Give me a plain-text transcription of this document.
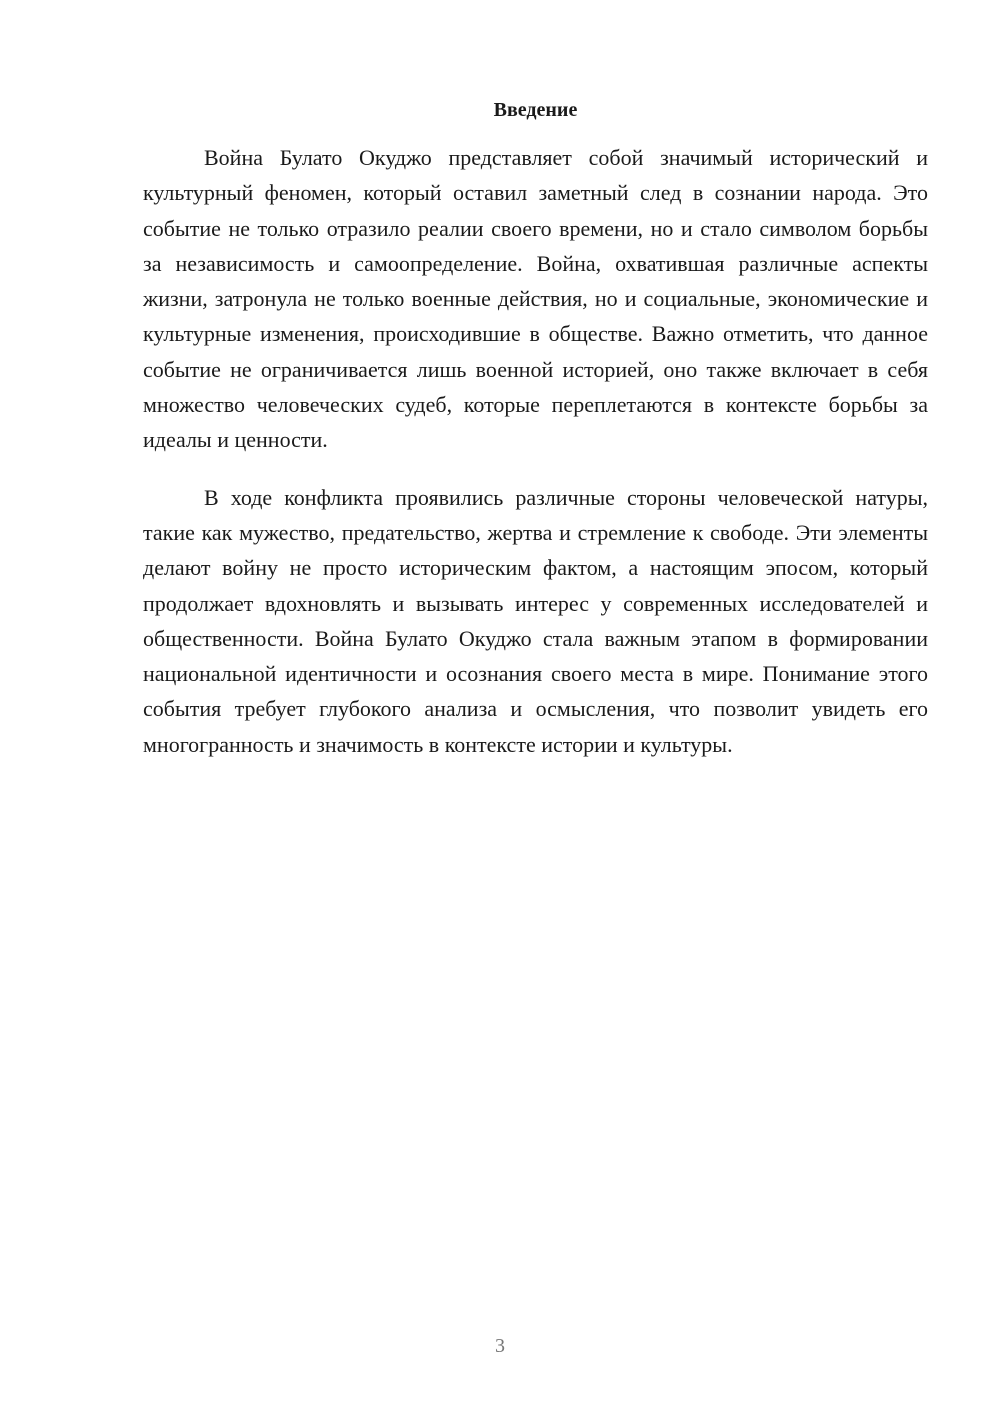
Введение

Война Булато Окуджо представляет собой значимый исторический и культурный феномен, который оставил заметный след в сознании народа. Это событие не только отразило реалии своего времени, но и стало символом борьбы за независимость и самоопределение. Война, охватившая различные аспекты жизни, затронула не только военные действия, но и социальные, экономические и культурные изменения, происходившие в обществе. Важно отметить, что данное событие не ограничивается лишь военной историей, оно также включает в себя множество человеческих судеб, которые переплетаются в контексте борьбы за идеалы и ценности.

В ходе конфликта проявились различные стороны человеческой натуры, такие как мужество, предательство, жертва и стремление к свободе. Эти элементы делают войну не просто историческим фактом, а настоящим эпосом, который продолжает вдохновлять и вызывать интерес у современных исследователей и общественности. Война Булато Окуджо стала важным этапом в формировании национальной идентичности и осознания своего места в мире. Понимание этого события требует глубокого анализа и осмысления, что позволит увидеть его многогранность и значимость в контексте истории и культуры.

3
